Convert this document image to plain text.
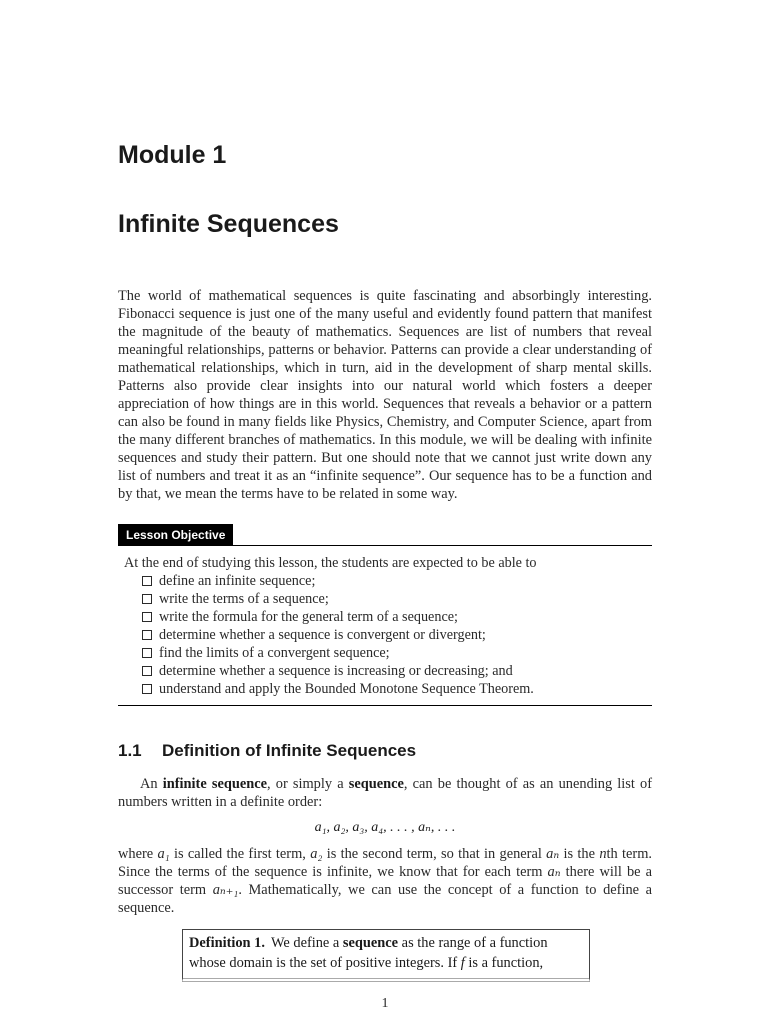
Module 1
Infinite Sequences

The world of mathematical sequences is quite fascinating and absorbingly interesting. Fibonacci sequence is just one of the many useful and evidently found pattern that manifest the magnitude of the beauty of mathematics. Sequences are list of numbers that reveal meaningful relationships, patterns or behavior. Patterns can provide a clear understanding of mathematical relationships, which in turn, aid in the development of sharp mental skills. Patterns also provide clear insights into our natural world which fosters a deeper appreciation of how things are in this world. Sequences that reveals a behavior or a pattern can also be found in many fields like Physics, Chemistry, and Computer Science, apart from the many different branches of mathematics. In this module, we will be dealing with infinite sequences and study their pattern. But one should note that we cannot just write down any list of numbers and treat it as an “infinite sequence”. Our sequence has to be a function and by that, we mean the terms have to be related in some way.

Lesson Objective
At the end of studying this lesson, the students are expected to be able to
define an infinite sequence;
write the terms of a sequence;
write the formula for the general term of a sequence;
determine whether a sequence is convergent or divergent;
find the limits of a convergent sequence;
determine whether a sequence is increasing or decreasing; and
understand and apply the Bounded Monotone Sequence Theorem.
1.1	Definition of Infinite Sequences

An infinite sequence, or simply a sequence, can be thought of as an unending list of numbers written in a definite order:

a₁, a₂, a₃, a₄, . . . , aₙ, . . .

where a₁ is called the first term, a₂ is the second term, so that in general aₙ is the nth term. Since the terms of the sequence is infinite, we know that for each term aₙ there will be a successor term aₙ₊₁. Mathematically, we can use the concept of a function to define a sequence.

Definition 1. We define a sequence as the range of a function whose domain is the set of positive integers. If f is a function,
1
